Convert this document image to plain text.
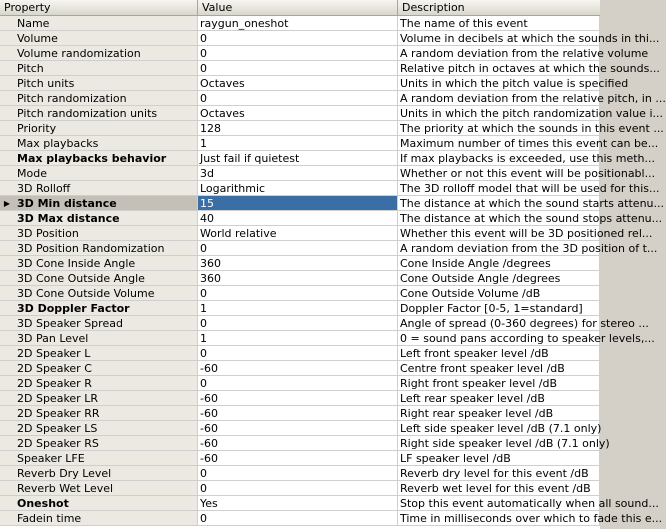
Property	Value	Description
Name	raygun_oneshot	The name of this event
Volume	0	Volume in decibels at which the sounds in thi...
Volume randomization	0	A random deviation from the relative volume
Pitch	0	Relative pitch in octaves at which the sounds...
Pitch units	Octaves	Units in which the pitch value is specified
Pitch randomization	0	A random deviation from the relative pitch, in ...
Pitch randomization units	Octaves	Units in which the pitch randomization value i...
Priority	128	The priority at which the sounds in this event ...
Max playbacks	1	Maximum number of times this event can be...
Max playbacks behavior	Just fail if quietest	If max playbacks is exceeded, use this meth...
Mode	3d	Whether or not this event will be positionabl...
3D Rolloff	Logarithmic	The 3D rolloff model that will be used for this...
▶ 3D Min distance	15	The distance at which the sound starts attenu...
3D Max distance	40	The distance at which the sound stops attenu...
3D Position	World relative	Whether this event will be 3D positioned rel...
3D Position Randomization	0	A random deviation from the 3D position of t...
3D Cone Inside Angle	360	Cone Inside Angle /degrees
3D Cone Outside Angle	360	Cone Outside Angle /degrees
3D Cone Outside Volume	0	Cone Outside Volume /dB
3D Doppler Factor	1	Doppler Factor [0-5, 1=standard]
3D Speaker Spread	0	Angle of spread (0-360 degrees) for stereo ...
3D Pan Level	1	0 = sound pans according to speaker levels,...
2D Speaker L	0	Left front speaker level /dB
2D Speaker C	-60	Centre front speaker level /dB
2D Speaker R	0	Right front speaker level /dB
2D Speaker LR	-60	Left rear speaker level /dB
2D Speaker RR	-60	Right rear speaker level /dB
2D Speaker LS	-60	Left side speaker level /dB (7.1 only)
2D Speaker RS	-60	Right side speaker level /dB (7.1 only)
Speaker LFE	-60	LF speaker level /dB
Reverb Dry Level	0	Reverb dry level for this event /dB
Reverb Wet Level	0	Reverb wet level for this event /dB
Oneshot	Yes	Stop this event automatically when all sound...
Fadein time	0	Time in milliseconds over which to fade this e...
